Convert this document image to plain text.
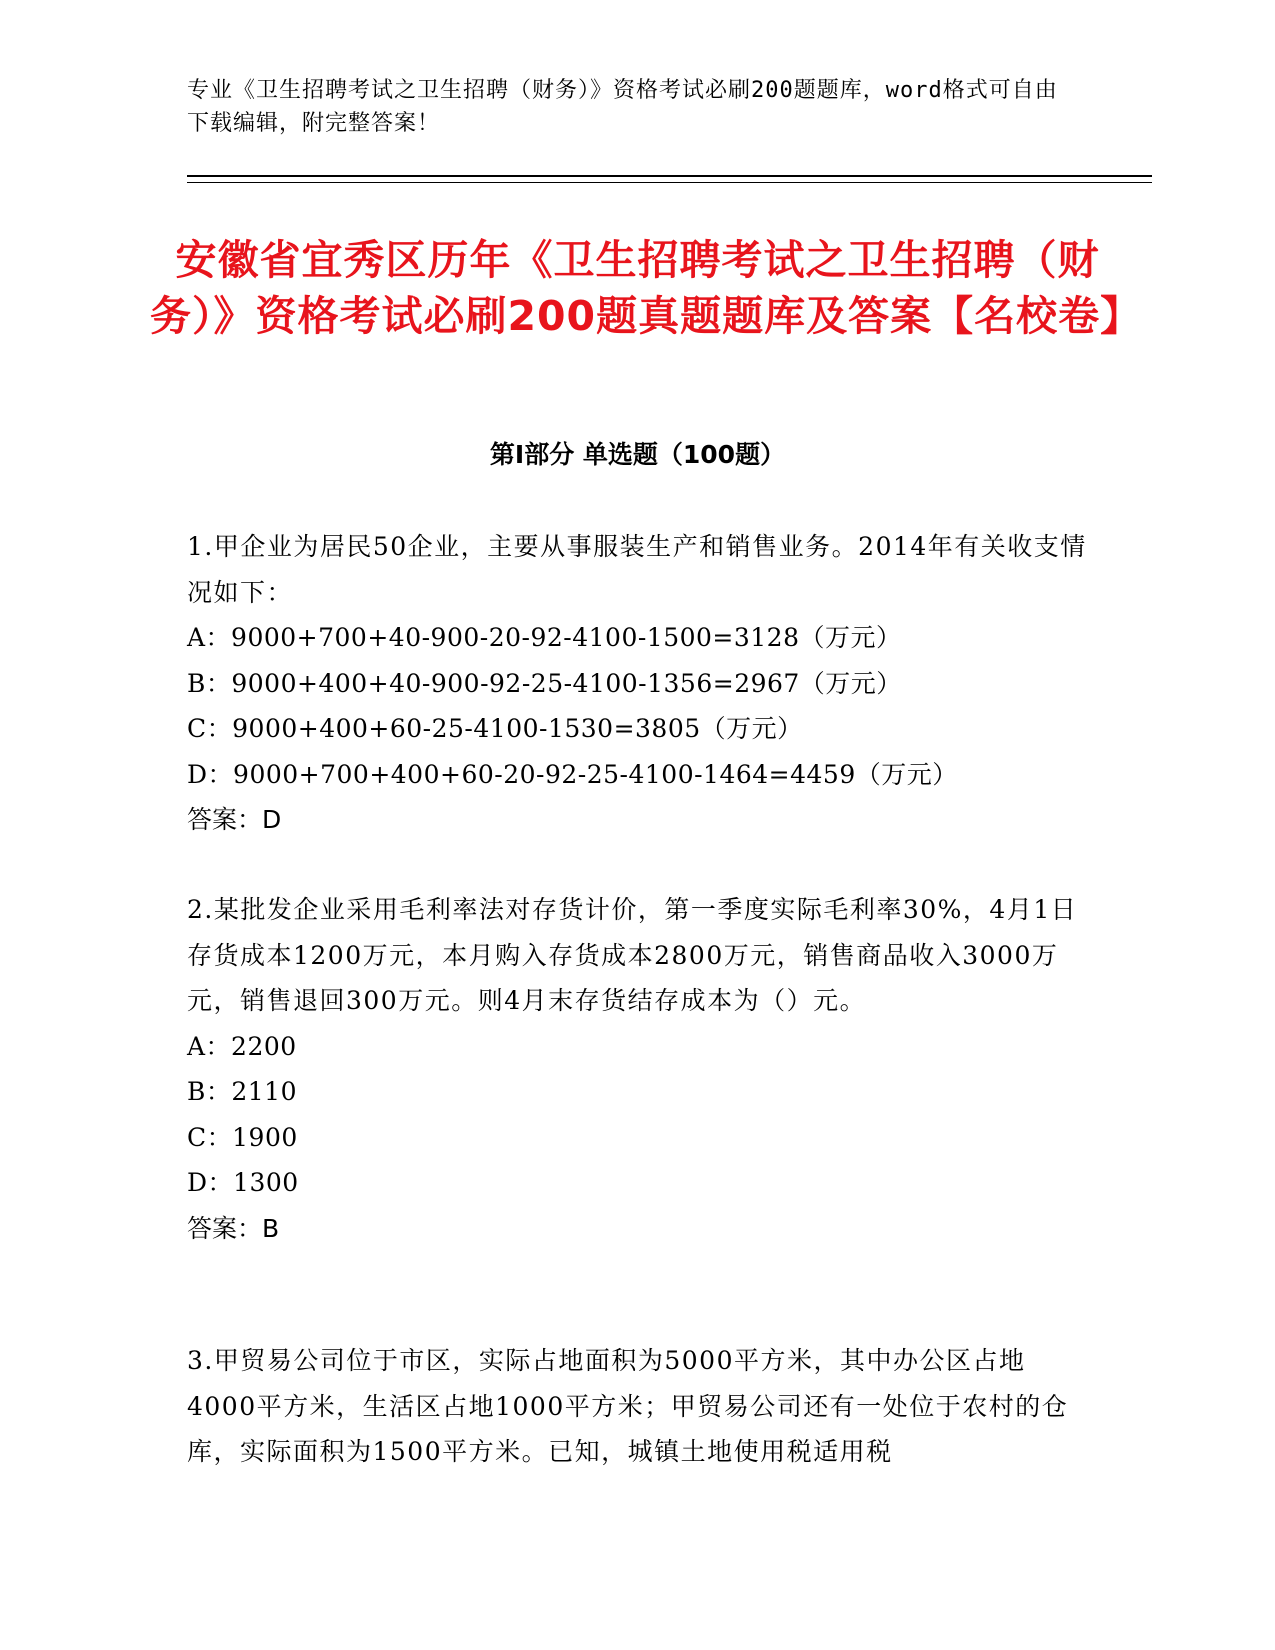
专业《卫生招聘考试之卫生招聘（财务）》资格考试必刷200题题库，word格式可自由下载编辑，附完整答案！

安徽省宜秀区历年《卫生招聘考试之卫生招聘（财务）》资格考试必刷200题真题题库及答案【名校卷】
第I部分 单选题（100题）

1.甲企业为居民50企业，主要从事服装生产和销售业务。2014年有关收支情况如下：

A：9000+700+40-900-20-92-4100-1500=3128（万元）

B：9000+400+40-900-92-25-4100-1356=2967（万元）

C：9000+400+60-25-4100-1530=3805（万元）

D：9000+700+400+60-20-92-25-4100-1464=4459（万元）

答案：D

2.某批发企业采用毛利率法对存货计价，第一季度实际毛利率30%，4月1日存货成本1200万元，本月购入存货成本2800万元，销售商品收入3000万元，销售退回300万元。则4月末存货结存成本为（）元。

A：2200

B：2110

C：1900

D：1300

答案：B

3.甲贸易公司位于市区，实际占地面积为5000平方米，其中办公区占地4000平方米，生活区占地1000平方米；甲贸易公司还有一处位于农村的仓库，实际面积为1500平方米。已知，城镇土地使用税适用税
